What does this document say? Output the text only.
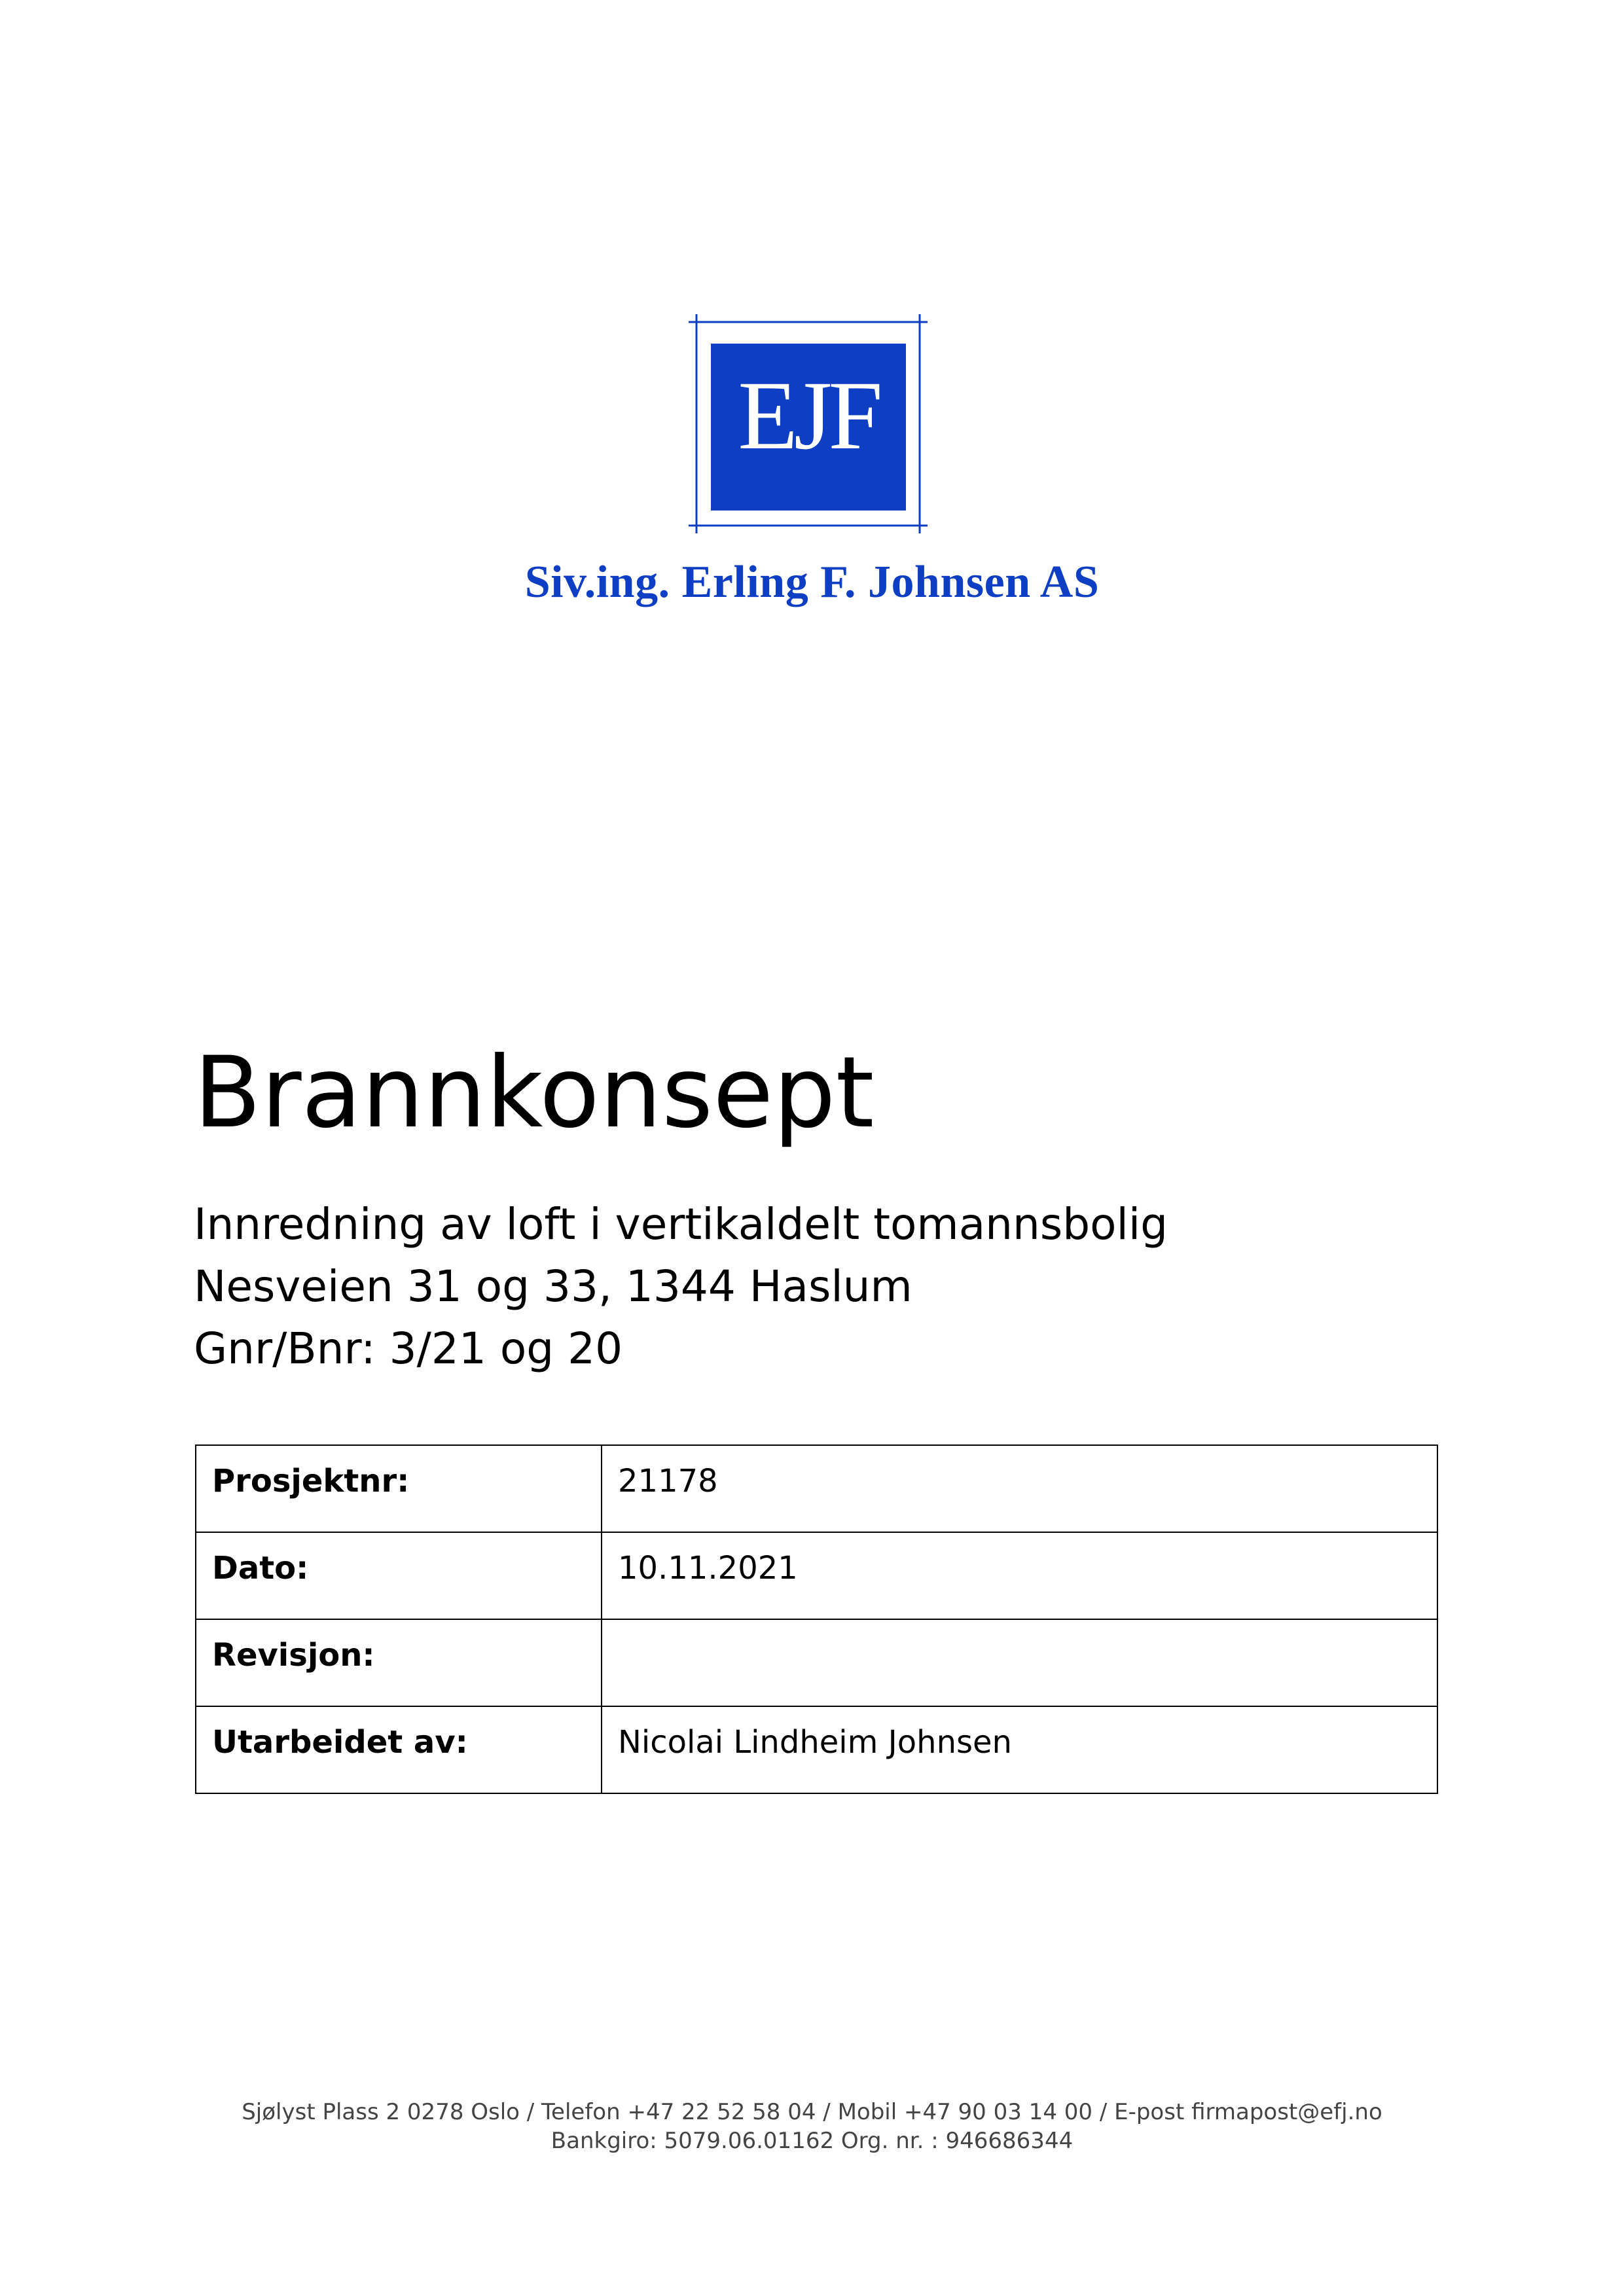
EJF
Siv.ing. Erling F. Johnsen AS
Brannkonsept
Innredning av loft i vertikaldelt tomannsbolig
Nesveien 31 og 33, 1344 Haslum
Gnr/Bnr: 3/21 og 20
Prosjektnr:	21178
Dato:	10.11.2021
Revisjon:	
Utarbeidet av:	Nicolai Lindheim Johnsen
Sjølyst Plass 2 0278 Oslo / Telefon +47 22 52 58 04 / Mobil +47 90 03 14 00 / E-post firmapost@efj.no
Bankgiro: 5079.06.01162 Org. nr. : 946686344
